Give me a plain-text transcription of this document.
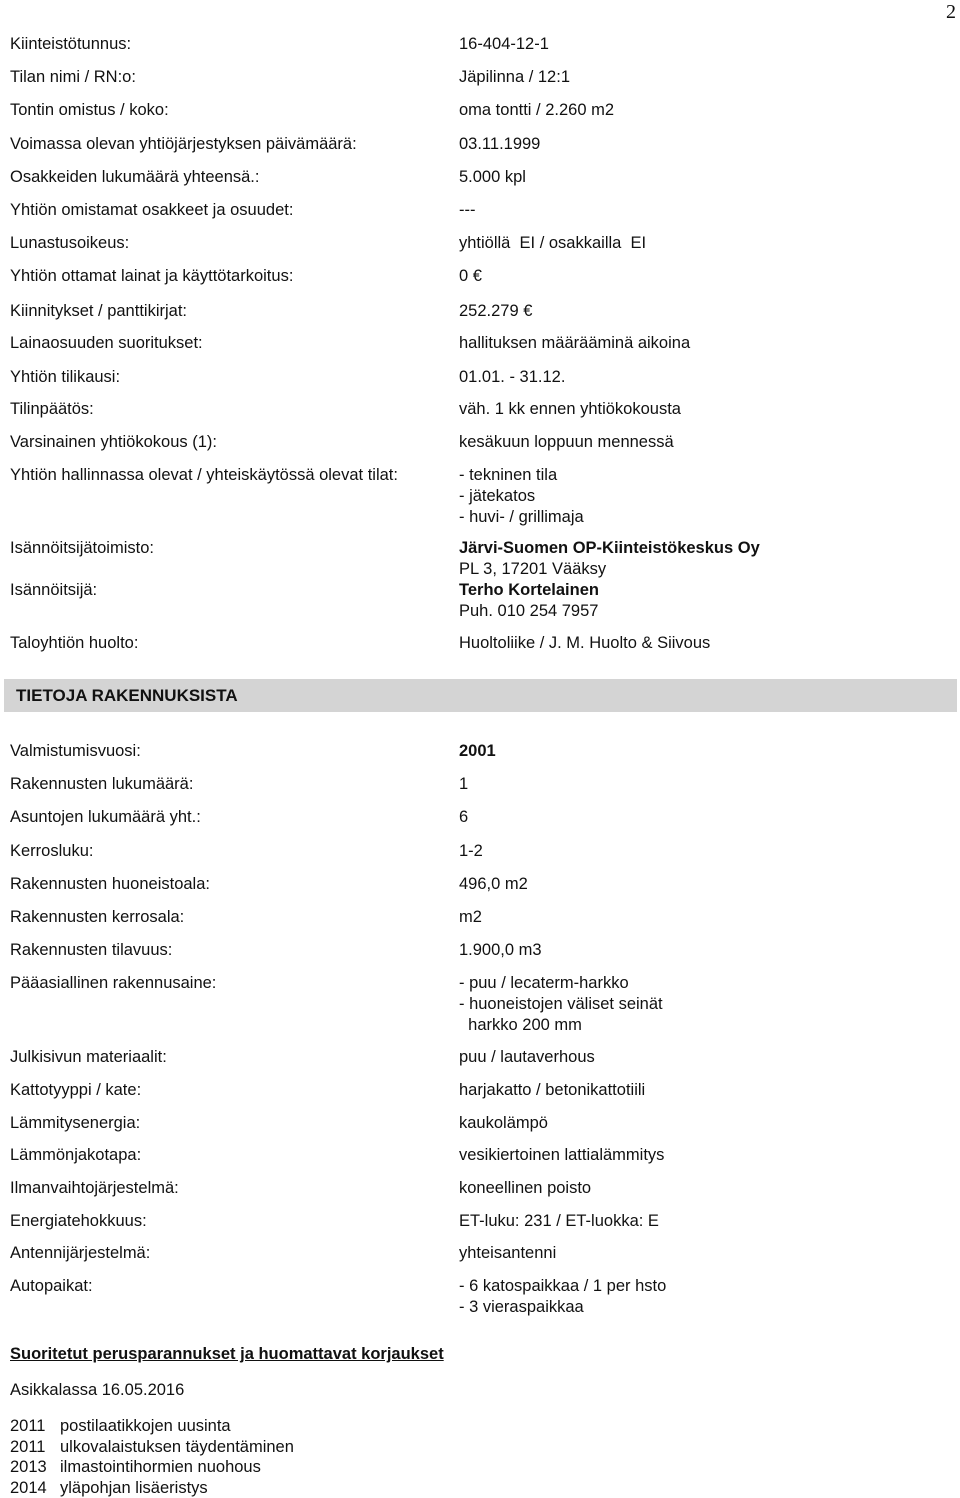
2
Kiinteistötunnus:	16-404-12-1
Tilan nimi / RN:o:	Jäpilinna / 12:1
Tontin omistus / koko:	oma tontti / 2.260 m2
Voimassa olevan yhtiöjärjestyksen päivämäärä:	03.11.1999
Osakkeiden lukumäärä yhteensä.:	5.000 kpl
Yhtiön omistamat osakkeet ja osuudet:	---
Lunastusoikeus:	yhtiöllä  EI / osakkailla  EI
Yhtiön ottamat lainat ja käyttötarkoitus:	0 €
Kiinnitykset / panttikirjat:	252.279 €
Lainaosuuden suoritukset:	hallituksen määrääminä aikoina
Yhtiön tilikausi:	01.01. - 31.12.
Tilinpäätös:	väh. 1 kk ennen yhtiökokousta
Varsinainen yhtiökokous (1):	kesäkuun loppuun mennessä
Yhtiön hallinnassa olevat / yhteiskäytössä olevat tilat:	- tekninen tila
- jätekatos
- huvi- / grillimaja
Isännöitsijätoimisto:	Järvi-Suomen OP-Kiinteistökeskus Oy
PL 3, 17201 Vääksy
Isännöitsijä:	Terho Kortelainen
Puh. 010 254 7957
Taloyhtiön huolto:	Huoltoliike / J. M. Huolto & Siivous
TIETOJA RAKENNUKSISTA
Valmistumisvuosi:	2001
Rakennusten lukumäärä:	1
Asuntojen lukumäärä yht.:	6
Kerrosluku:	1-2
Rakennusten huoneistoala:	496,0 m2
Rakennusten kerrosala:	m2
Rakennusten tilavuus:	1.900,0 m3
Pääasiallinen rakennusaine:	- puu / lecaterm-harkko
- huoneistojen väliset seinät
harkko 200 mm
Julkisivun materiaalit:	puu / lautaverhous
Kattotyyppi / kate:	harjakatto / betonikattotiili
Lämmitysenergia:	kaukolämpö
Lämmönjakotapa:	vesikiertoinen lattialämmitys
Ilmanvaihtojärjestelmä:	koneellinen poisto
Energiatehokkuus:	ET-luku: 231 / ET-luokka: E
Antennijärjestelmä:	yhteisantenni
Autopaikat:	- 6 katospaikkaa / 1 per hsto
- 3 vieraspaikkaa
Suoritetut perusparannukset ja huomattavat korjaukset
Asikkalassa 16.05.2016
2011 postilaatikkojen uusinta
2011 ulkovalaistuksen täydentäminen
2013 ilmastointihormien nuohous
2014 yläpohjan lisäeristys
